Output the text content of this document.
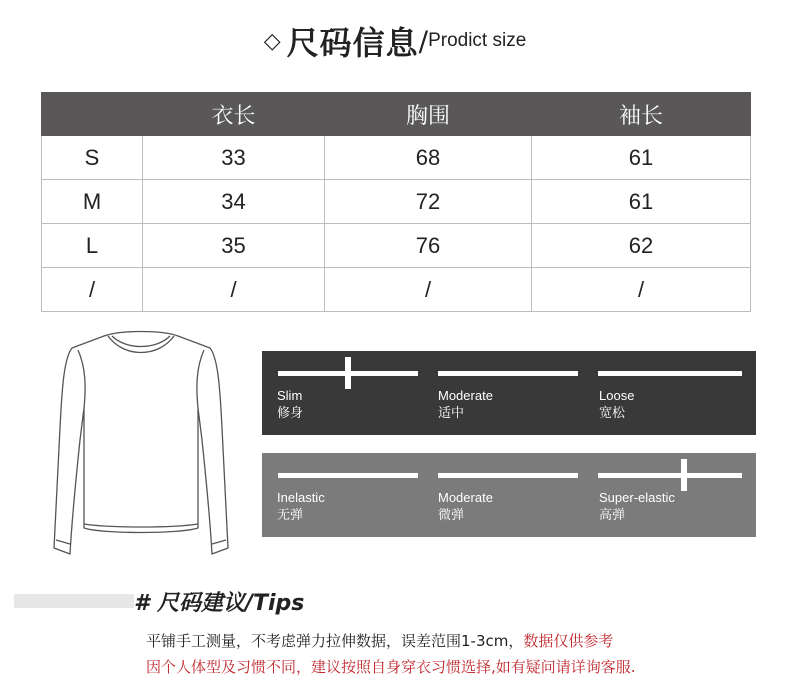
◇ 尺码信息/Prodict size
	衣长	胸围	袖长
S	33	68	61
M	34	72	61
L	35	76	62
/	/	/	/
Slim
修身
Moderate
适中
Loose
宽松
Inelastic
无弹
Moderate
微弹
Super-elastic
高弹
# 尺码建议/Tips
平铺手工测量，不考虑弹力拉伸数据，误差范围1-3cm，数据仅供参考
因个人体型及习惯不同，建议按照自身穿衣习惯选择,如有疑问请详询客服.
